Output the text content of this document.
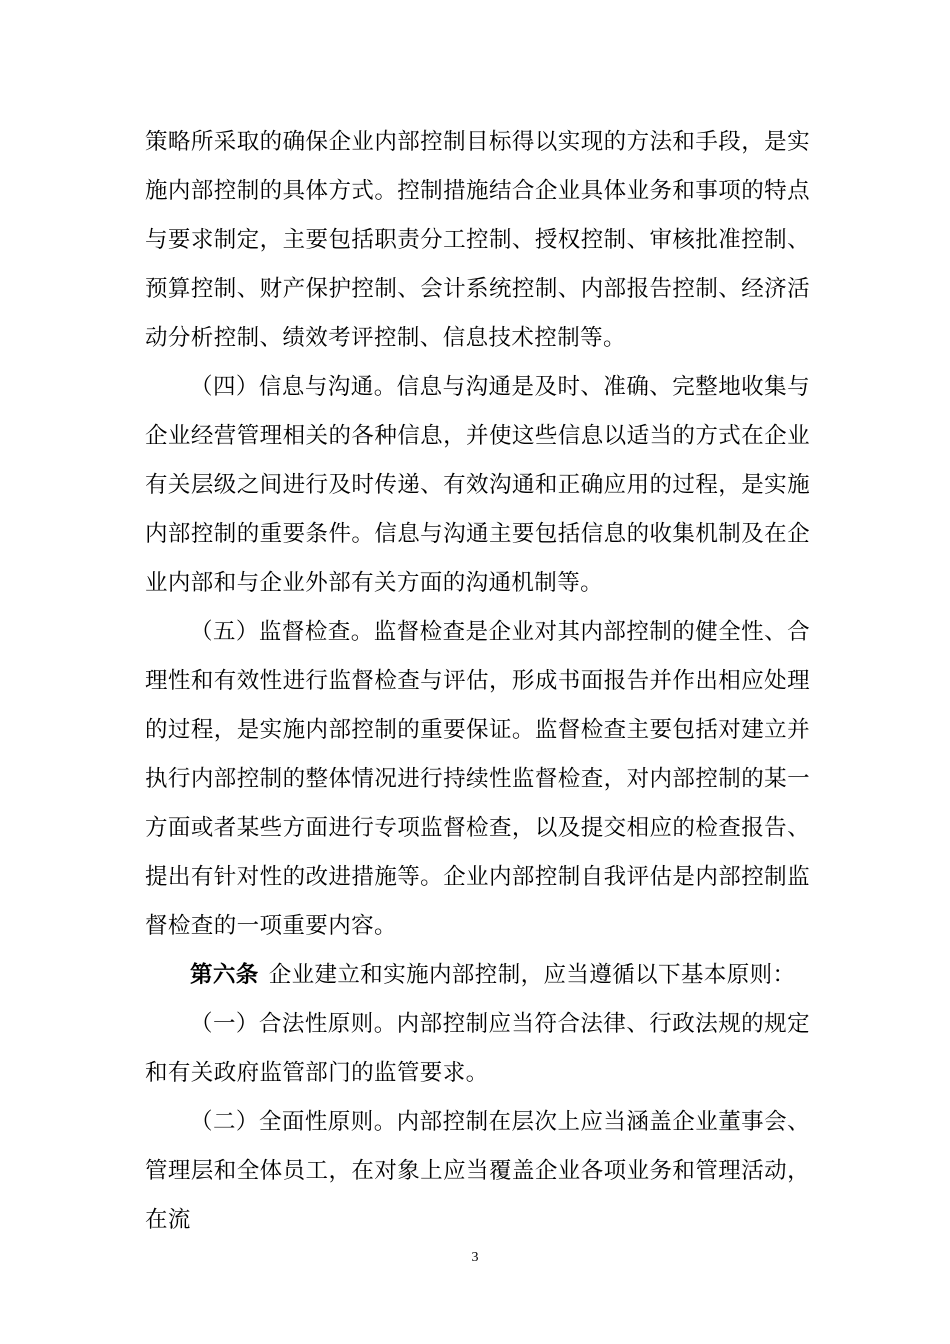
策略所采取的确保企业内部控制目标得以实现的方法和手段，是实施内部控制的具体方式。控制措施结合企业具体业务和事项的特点与要求制定，主要包括职责分工控制、授权控制、审核批准控制、预算控制、财产保护控制、会计系统控制、内部报告控制、经济活动分析控制、绩效考评控制、信息技术控制等。

（四）信息与沟通。信息与沟通是及时、准确、完整地收集与企业经营管理相关的各种信息，并使这些信息以适当的方式在企业有关层级之间进行及时传递、有效沟通和正确应用的过程，是实施内部控制的重要条件。信息与沟通主要包括信息的收集机制及在企业内部和与企业外部有关方面的沟通机制等。

（五）监督检查。监督检查是企业对其内部控制的健全性、合理性和有效性进行监督检查与评估，形成书面报告并作出相应处理的过程，是实施内部控制的重要保证。监督检查主要包括对建立并执行内部控制的整体情况进行持续性监督检查，对内部控制的某一方面或者某些方面进行专项监督检查，以及提交相应的检查报告、提出有针对性的改进措施等。企业内部控制自我评估是内部控制监督检查的一项重要内容。

第六条 企业建立和实施内部控制，应当遵循以下基本原则：

（一）合法性原则。内部控制应当符合法律、行政法规的规定和有关政府监管部门的监管要求。

（二）全面性原则。内部控制在层次上应当涵盖企业董事会、管理层和全体员工，在对象上应当覆盖企业各项业务和管理活动，在流

3
